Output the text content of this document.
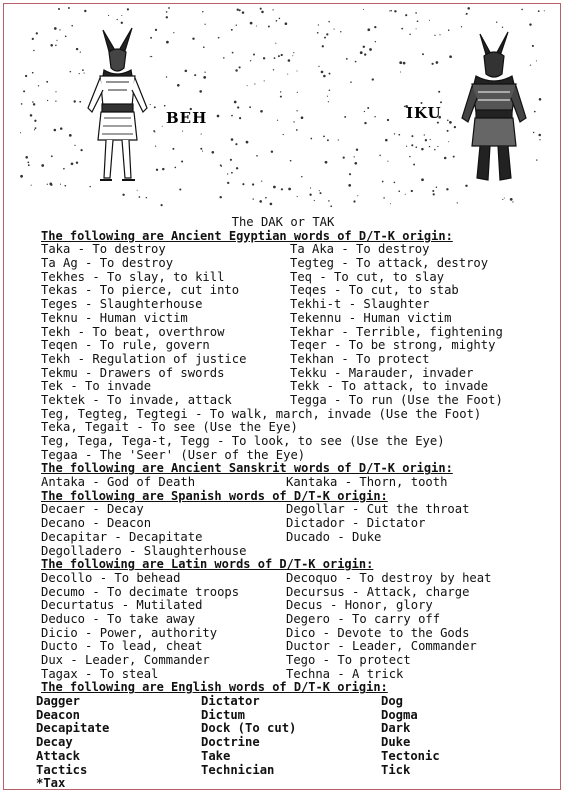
BEH	IKU
The DAK or TAK
The following are Ancient Egyptian words of D/T-K origin:
Taka - To destroy	Ta Aka - To destroy
Ta Ag - To destroy	Tegteg - To attack, destroy
Tekhes - To slay, to kill	Teq - To cut, to slay
Tekas - To pierce, cut into	Teqes - To cut, to stab
Teges - Slaughterhouse	Tekhi-t - Slaughter
Teknu - Human victim	Tekennu - Human victim
Tekh - To beat, overthrow	Tekhar - Terrible, fightening
Teqen - To rule, govern	Teqer - To be strong, mighty
Tekh - Regulation of justice	Tekhan - To protect
Tekmu - Drawers of swords	Tekku - Marauder, invader
Tek - To invade	Tekk - To attack, to invade
Tektek - To invade, attack	Tegga - To run (Use the Foot)
Teg, Tegteg, Tegtegi - To walk, march, invade (Use the Foot)
Teka, Tegait - To see (Use the Eye)
Teg, Tega, Tega-t, Tegg - To look, to see (Use the Eye)
Tegaa - The 'Seer' (User of the Eye)
The following are Ancient Sanskrit words of D/T-K origin:
Antaka - God of Death	Kantaka - Thorn, tooth
The following are Spanish words of D/T-K origin:
Decaer - Decay	Degollar - Cut the throat
Decano - Deacon	Dictador - Dictator
Decapitar - Decapitate	Ducado - Duke
Degolladero - Slaughterhouse
The following are Latin words of D/T-K origin:
Decollo - To behead	Decoquo - To destroy by heat
Decumo - To decimate troops	Decursus - Attack, charge
Decurtatus - Mutilated	Decus - Honor, glory
Deduco - To take away	Degero - To carry off
Dicio - Power, authority	Dico - Devote to the Gods
Ducto - To lead, cheat	Ductor - Leader, Commander
Dux - Leader, Commander	Tego - To protect
Tagax - To steal	Techna - A trick
The following are English words of D/T-K origin:
Dagger	Dictator	Dog
Deacon	Dictum	Dogma
Decapitate	Dock (To cut)	Dark
Decay	Doctrine	Duke
Attack	Take	Tectonic
Tactics	Technician	Tick
*Tax
